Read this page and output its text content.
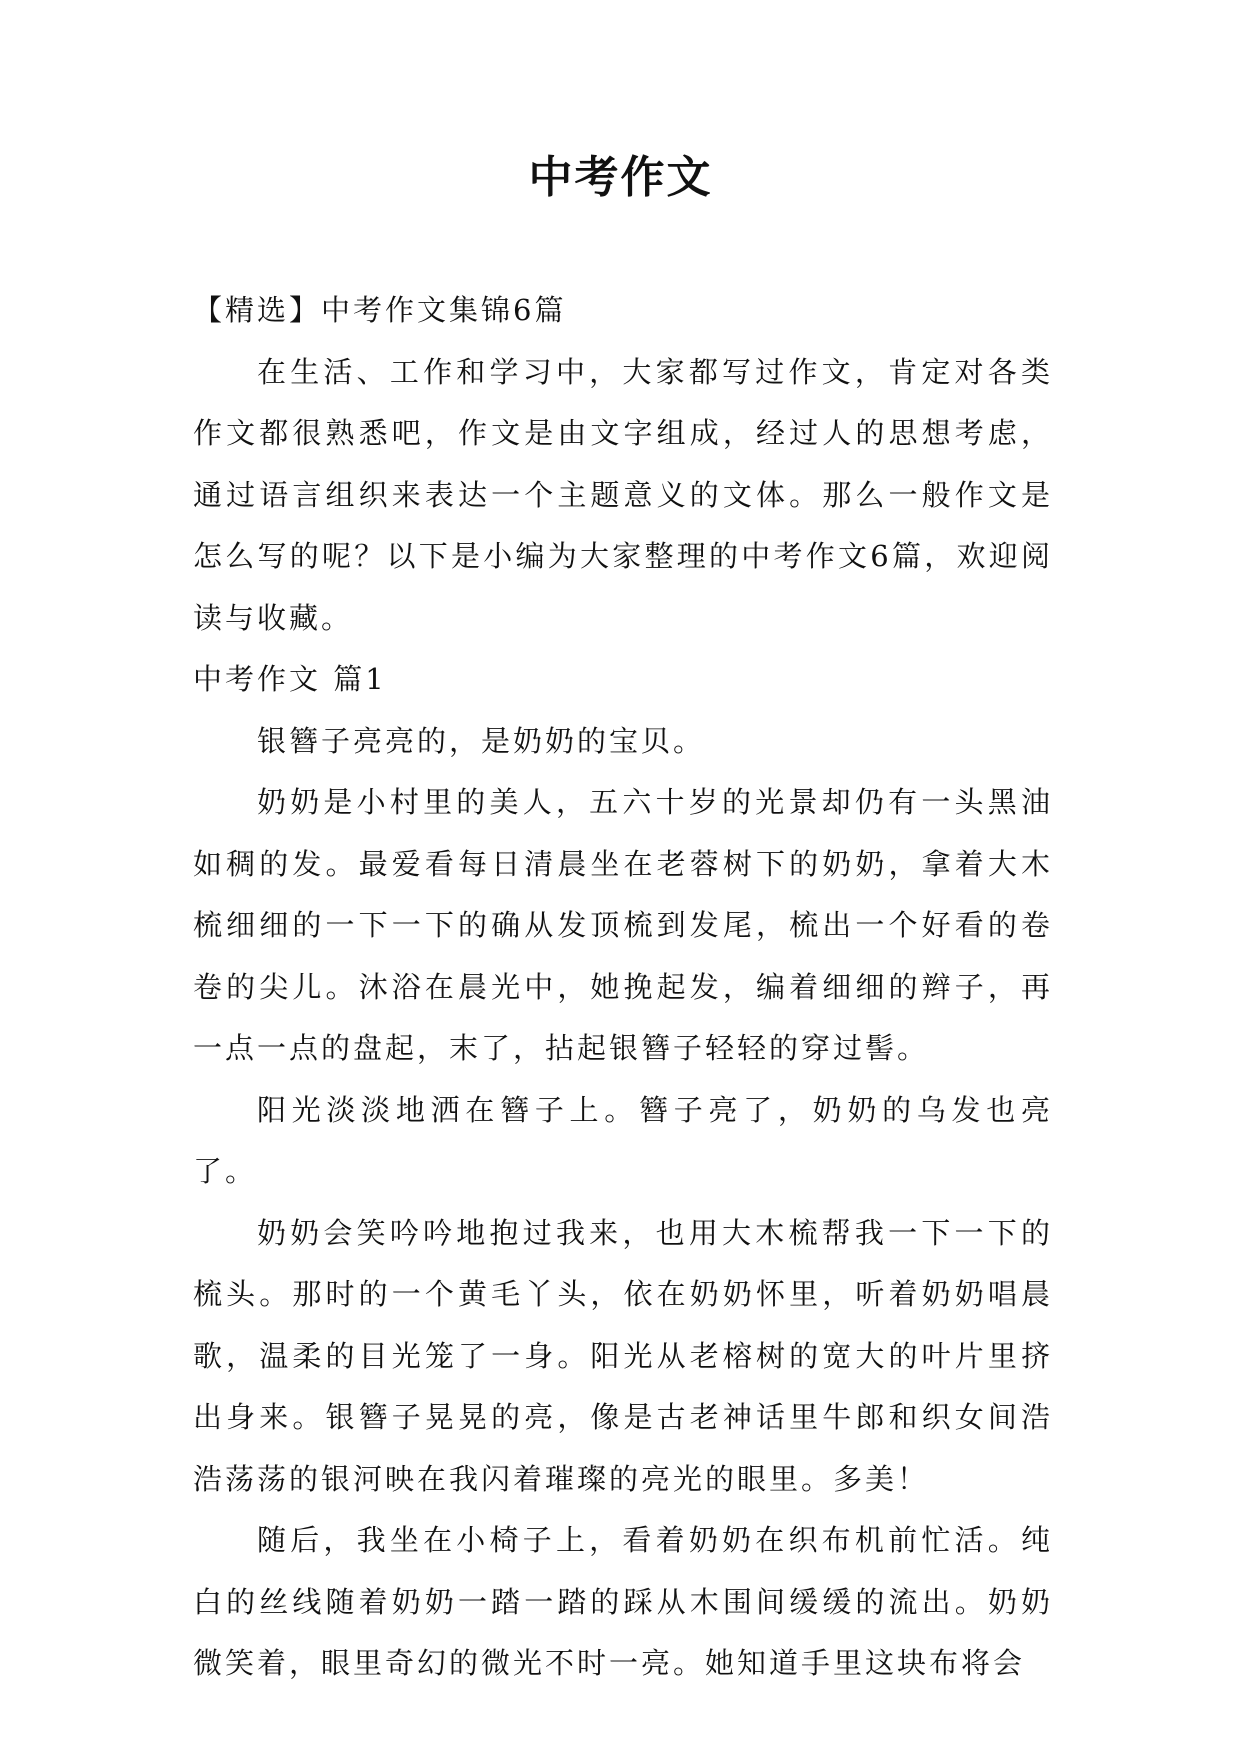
中考作文

【精选】中考作文集锦6篇

在生活、工作和学习中，大家都写过作文，肯定对各类作文都很熟悉吧，作文是由文字组成，经过人的思想考虑，通过语言组织来表达一个主题意义的文体。那么一般作文是怎么写的呢？以下是小编为大家整理的中考作文6篇，欢迎阅读与收藏。

中考作文 篇1

银簪子亮亮的，是奶奶的宝贝。

奶奶是小村里的美人，五六十岁的光景却仍有一头黑油如稠的发。最爱看每日清晨坐在老蓉树下的奶奶，拿着大木梳细细的一下一下的确从发顶梳到发尾，梳出一个好看的卷卷的尖儿。沐浴在晨光中，她挽起发，编着细细的辫子，再一点一点的盘起，末了，拈起银簪子轻轻的穿过髻。

阳光淡淡地洒在簪子上。簪子亮了，奶奶的乌发也亮了。

奶奶会笑吟吟地抱过我来，也用大木梳帮我一下一下的梳头。那时的一个黄毛丫头，依在奶奶怀里，听着奶奶唱晨歌，温柔的目光笼了一身。阳光从老榕树的宽大的叶片里挤出身来。银簪子晃晃的亮，像是古老神话里牛郎和织女间浩浩荡荡的银河映在我闪着璀璨的亮光的眼里。多美！

随后，我坐在小椅子上，看着奶奶在织布机前忙活。纯白的丝线随着奶奶一踏一踏的踩从木围间缓缓的流出。奶奶微笑着，眼里奇幻的微光不时一亮。她知道手里这块布将会
